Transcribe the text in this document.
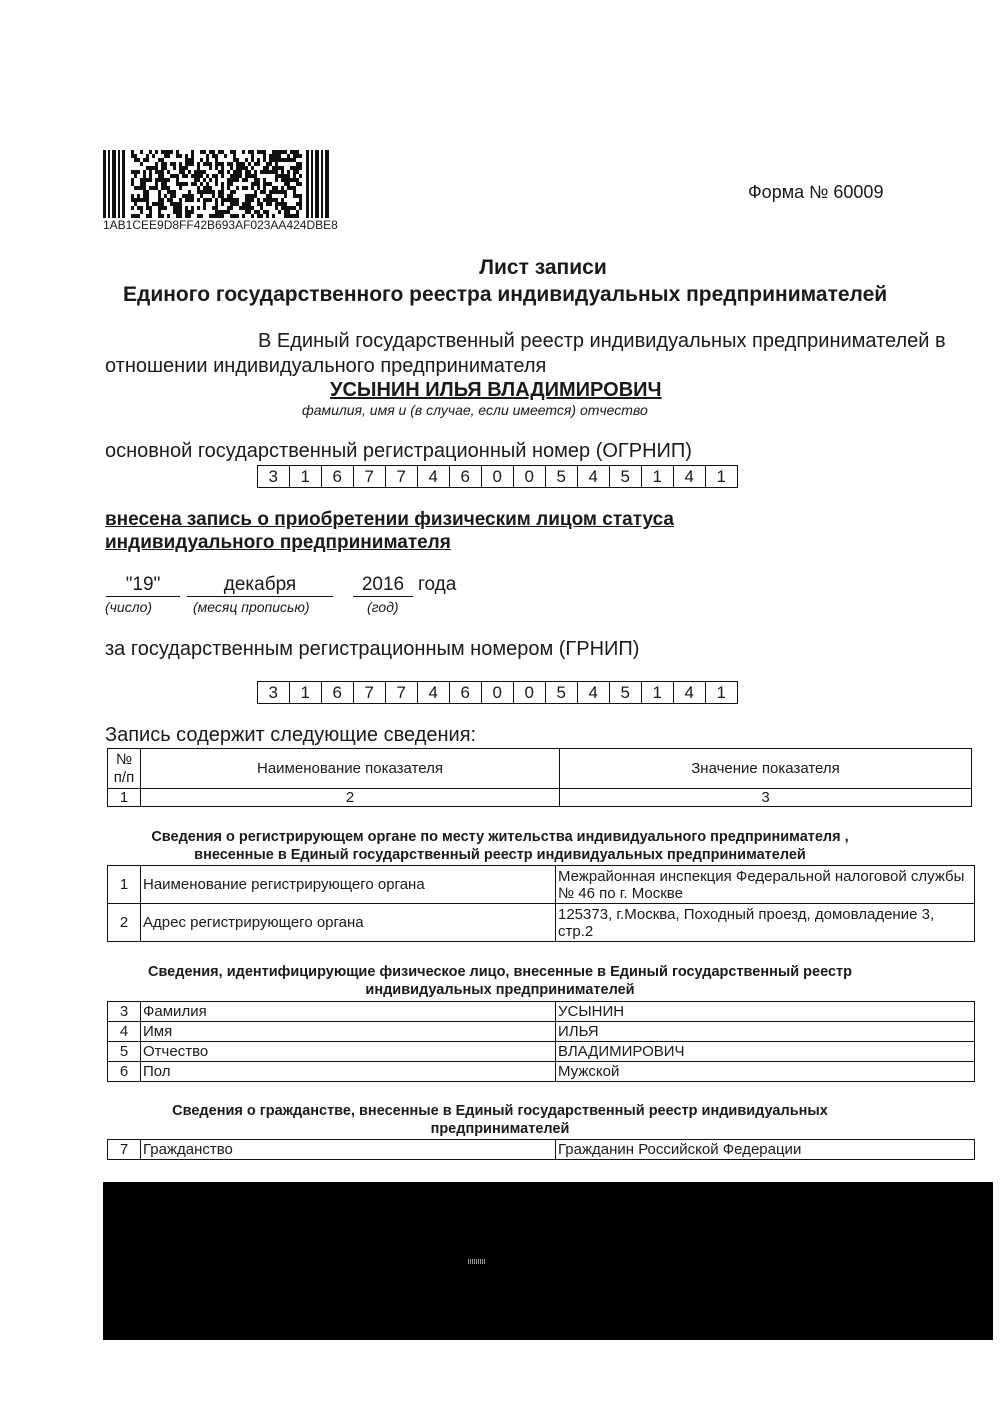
1AB1CEE9D8FF42B693AF023AA424DBE8
Форма № 60009
Лист записи
Единого государственного реестра индивидуальных предпринимателей
В Единый государственный реестр индивидуальных предпринимателей в
отношении индивидуального предпринимателя
УСЫНИН ИЛЬЯ ВЛАДИМИРОВИЧ
фамилия, имя и (в случае, если имеется) отчество
основной государственный регистрационный номер (ОГРНИП)
3	1	6	7	7	4	6	0	0	5	4	5	1	4	1
внесена запись о приобретении физическим лицом статуса индивидуального предпринимателя
"19"	декабря	2016 года
(число)	(месяц прописью)	(год)
за государственным регистрационным номером (ГРНИП)
3	1	6	7	7	4	6	0	0	5	4	5	1	4	1
Запись содержит следующие сведения:
№
п/п	Наименование показателя	Значение показателя
1	2	3
Сведения о регистрирующем органе по месту жительства индивидуального предпринимателя ,
внесенные в Единый государственный реестр индивидуальных предпринимателей
1	Наименование регистрирующего органа	Межрайонная инспекция Федеральной налоговой службы № 46 по г. Москве
2	Адрес регистрирующего органа	125373, г.Москва, Походный проезд, домовладение 3, стр.2
Сведения, идентифицирующие физическое лицо, внесенные в Единый государственный реестр
индивидуальных предпринимателей
3	Фамилия	УСЫНИН
4	Имя	ИЛЬЯ
5	Отчество	ВЛАДИМИРОВИЧ
6	Пол	Мужской
Сведения о гражданстве, внесенные в Единый государственный реестр индивидуальных
предпринимателей
7	Гражданство	Гражданин Российской Федерации
